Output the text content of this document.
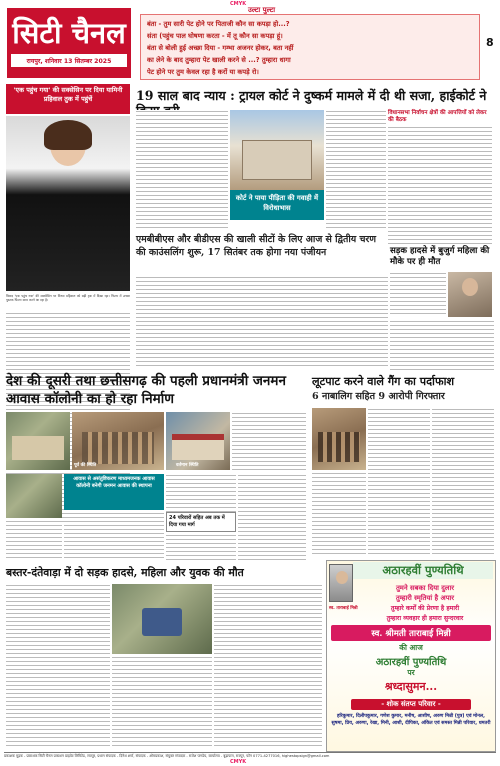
CMYK
सिटी चैनल
रायपुर, शनिवार 13 सितम्बर 2025
उल्टा पुल्टा
बंता - तुम सारी पेट होने पर पिताजी कौन सा कपड़ा हो...?
संता (पहुंच पाल घोषणा करता - में तू कौन सा कपड़ा हूं।
बंता से बोली हुई अच्छा दिया - गम्भा अजनर होकर, बता नहीं
का लेने के बाद तुम्हारा पेट खाली करने से ...? तुम्हारा धागा
पेट होने पर तुम केवल रहा है करों या कपड़े रो।
8
'एक पहुंच गया' की सक्सेसिन पर दिया यामिनी प्रहिवाल तुक में पहुंचें
विवाद 'एक पहुंच गया' की सक्सेसिन पर यिनस प्रहिवाल को बड़ी ट्रक में दिखा रहा। फिल्म में उनका पुस्तक फिल्म काम करने आ रहा है।
19 साल बाद न्याय : ट्रायल कोर्ट ने दुष्कर्म मामले में दी थी सजा, हाईकोर्ट ने
कोर्ट ने पाया पीड़िता की गवाही में विरोधाभास
विधानसभा निर्वाचन क्षेत्रों की आपत्तियों को लेकर की बैठक
एमबीबीएस और बीडीएस की खाली सीटों के लिए आज से द्वितीय चरण की काउंसलिंग शुरू, 17 सितंबर तक होगा नया पंजीयन	सड़क हादसे में बुजुर्ग महिला की मौके पर ही मौत
देश की दूसरी तथा छत्तीसगढ़ की पहली प्रधानमंत्री जनमन आवास कॉलोनी का हो रहा निर्माण
पूर्व की स्थिति	वर्तमान स्थिति
आवास से असंतुष्टिकरण माध्यमजनक आवास कॉलोनी बनेगी जनमन आवास की स्थापना
24 परिवारों सहित अब तक में दिया गया मार्ग
लूटपाट करने वाले गैंग का पर्दाफाश
6 नाबालिग सहित 9 आरोपी गिरफ्तार
बस्तर-दंतेवाड़ा में दो सड़क हादसे, महिला और युवक की मौत	अठारहवीं पुण्यतिथि
स्व. ताराबाई मिन्नी
तुमने सबका दिया दुलार
तुम्हारी स्मृतियां है अपार
तुम्हारे कर्मों की प्रेरणा है हमारी
तुम्हारा व्यवहार ही हमारा सुन्दरवार
स्व. श्रीमती ताराबाई मिन्नी
की आज
अठारहवीं पुण्यतिथि
पर
श्रध्दासुमन...
- शोक संतप्त परिवार -
हरिकुमार, दिलीपकुमार, गणेश कुमार, मनीष, आशीष, अरुण मिन्नी (पुत्र) एवं मोनल, सुषमा, प्रिय, अरुणा, रेखा, मिनी, आशी, दीपिका, अंकित एवं समस्त मिन्नी परिवार, धमतरी
प्रकाशक मुद्रक - प्रकाशक सिटी चैनल प्रकाशन प्राइवेट लिमिटेड, रायपुर, प्रधान संपादक - दिनेश शर्मा, संपादक - ओमप्रकाश, संयुक्त संपादक - राजेश पाण्डेय, कार्यालय - बूढ़ापारा, रायपुर, फोन 0771-4277016, highestopsign@gmail.com
CMYK
